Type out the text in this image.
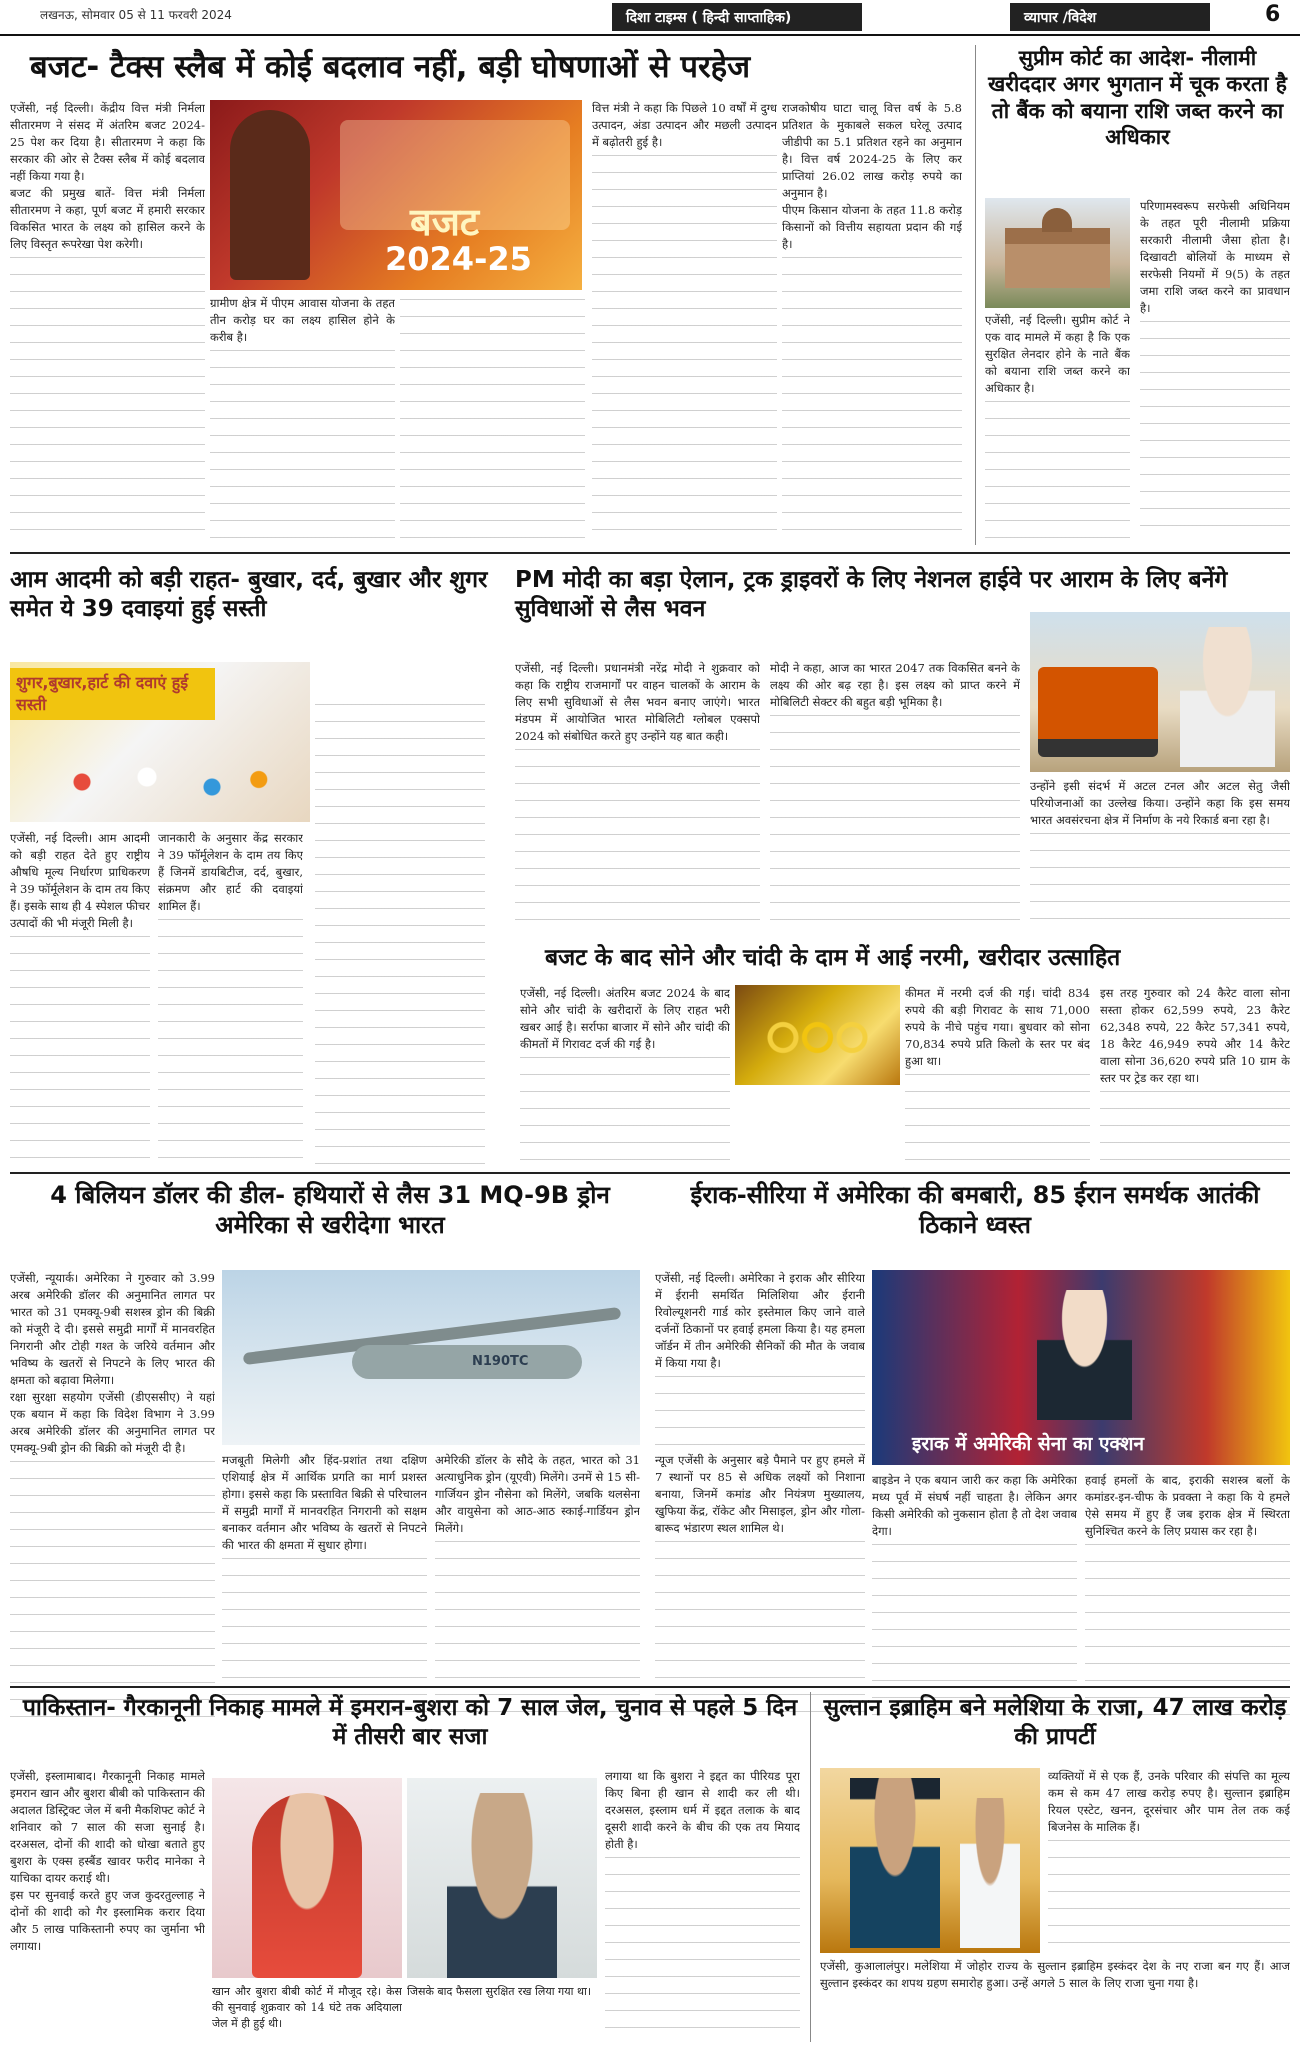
लखनऊ, सोमवार 05 से 11 फरवरी 2024	दिशा टाइम्स ( हिन्दी साप्ताहिक)	व्यापार /विदेश	6
बजट- टैक्स स्लैब में कोई बदलाव नहीं, बड़ी घोषणाओं से परहेज
एजेंसी, नई दिल्ली। केंद्रीय वित्त मंत्री निर्मला सीतारमण ने संसद में अंतरिम बजट 2024-25 पेश कर दिया है। सीतारमण ने कहा कि सरकार की ओर से टैक्स स्लैब में कोई बदलाव नहीं किया गया है।
बजट की प्रमुख बातें- वित्त मंत्री निर्मला सीतारमण ने कहा, पूर्ण बजट में हमारी सरकार विकसित भारत के लक्ष्य को हासिल करने के लिए विस्तृत रूपरेखा पेश करेगी।	बजट
2024-25
ग्रामीण क्षेत्र में पीएम आवास योजना के तहत तीन करोड़ घर का लक्ष्य हासिल होने के करीब है।
वित्त मंत्री ने कहा कि पिछले 10 वर्षों में दुग्ध उत्पादन, अंडा उत्पादन और मछली उत्पादन में बढ़ोतरी हुई है।
राजकोषीय घाटा चालू वित्त वर्ष के 5.8 प्रतिशत के मुकाबले सकल घरेलू उत्पाद जीडीपी का 5.1 प्रतिशत रहने का अनुमान है। वित्त वर्ष 2024-25 के लिए कर प्राप्तियां 26.02 लाख करोड़ रुपये का अनुमान है।
पीएम किसान योजना के तहत 11.8 करोड़ किसानों को वित्तीय सहायता प्रदान की गई है।
सुप्रीम कोर्ट का आदेश- नीलामी खरीददार अगर भुगतान में चूक करता है तो बैंक को बयाना राशि जब्त करने का अधिकार
एजेंसी, नई दिल्ली। सुप्रीम कोर्ट ने एक वाद मामले में कहा है कि एक सुरक्षित लेनदार होने के नाते बैंक को बयाना राशि जब्त करने का अधिकार है।
परिणामस्वरूप सरफेसी अधिनियम के तहत पूरी नीलामी प्रक्रिया सरकारी नीलामी जैसा होता है। दिखावटी बोलियों के माध्यम से सरफेसी नियमों में 9(5) के तहत जमा राशि जब्त करने का प्रावधान है।
आम आदमी को बड़ी राहत- बुखार, दर्द, बुखार और शुगर समेत ये 39 दवाइयां हुई सस्ती
शुगर,बुखार,हार्ट की दवाएं हुई सस्ती
एजेंसी, नई दिल्ली। आम आदमी को बड़ी राहत देते हुए राष्ट्रीय औषधि मूल्य निर्धारण प्राधिकरण ने 39 फॉर्मूलेशन के दाम तय किए हैं। इसके साथ ही 4 स्पेशल फीचर उत्पादों की भी मंजूरी मिली है।
जानकारी के अनुसार केंद्र सरकार ने 39 फॉर्मूलेशन के दाम तय किए हैं जिनमें डायबिटीज, दर्द, बुखार, संक्रमण और हार्ट की दवाइयां शामिल हैं।
PM मोदी का बड़ा ऐलान, ट्रक ड्राइवरों के लिए नेशनल हाईवे पर आराम के लिए बनेंगे सुविधाओं से लैस भवन
एजेंसी, नई दिल्ली। प्रधानमंत्री नरेंद्र मोदी ने शुक्रवार को कहा कि राष्ट्रीय राजमार्गों पर वाहन चालकों के आराम के लिए सभी सुविधाओं से लैस भवन बनाए जाएंगे। भारत मंडपम में आयोजित भारत मोबिलिटी ग्लोबल एक्सपो 2024 को संबोधित करते हुए उन्होंने यह बात कही।
मोदी ने कहा, आज का भारत 2047 तक विकसित बनने के लक्ष्य की ओर बढ़ रहा है। इस लक्ष्य को प्राप्त करने में मोबिलिटी सेक्टर की बहुत बड़ी भूमिका है।
उन्होंने इसी संदर्भ में अटल टनल और अटल सेतु जैसी परियोजनाओं का उल्लेख किया। उन्होंने कहा कि इस समय भारत अवसंरचना क्षेत्र में निर्माण के नये रिकार्ड बना रहा है।
बजट के बाद सोने और चांदी के दाम में आई नरमी, खरीदार उत्साहित
एजेंसी, नई दिल्ली। अंतरिम बजट 2024 के बाद सोने और चांदी के खरीदारों के लिए राहत भरी खबर आई है। सर्राफा बाजार में सोने और चांदी की कीमतों में गिरावट दर्ज की गई है।
कीमत में नरमी दर्ज की गई। चांदी 834 रुपये की बड़ी गिरावट के साथ 71,000 रुपये के नीचे पहुंच गया। बुधवार को सोना 70,834 रुपये प्रति किलो के स्तर पर बंद हुआ था।
इस तरह गुरुवार को 24 कैरेट वाला सोना सस्ता होकर 62,599 रुपये, 23 कैरेट 62,348 रुपये, 22 कैरेट 57,341 रुपये, 18 कैरेट 46,949 रुपये और 14 कैरेट वाला सोना 36,620 रुपये प्रति 10 ग्राम के स्तर पर ट्रेड कर रहा था।
4 बिलियन डॉलर की डील- हथियारों से लैस 31 MQ-9B ड्रोन अमेरिका से खरीदेगा भारत
एजेंसी, न्यूयार्क। अमेरिका ने गुरुवार को 3.99 अरब अमेरिकी डॉलर की अनुमानित लागत पर भारत को 31 एमक्यू-9बी सशस्त्र ड्रोन की बिक्री को मंजूरी दे दी। इससे समुद्री मार्गों में मानवरहित निगरानी और टोही गश्त के जरिये वर्तमान और भविष्य के खतरों से निपटने के लिए भारत की क्षमता को बढ़ावा मिलेगा।
रक्षा सुरक्षा सहयोग एजेंसी (डीएससीए) ने यहां एक बयान में कहा कि विदेश विभाग ने 3.99 अरब अमेरिकी डॉलर की अनुमानित लागत पर एमक्यू-9बी ड्रोन की बिक्री को मंजूरी दी है।
N190TC
मजबूती मिलेगी और हिंद-प्रशांत तथा दक्षिण एशियाई क्षेत्र में आर्थिक प्रगति का मार्ग प्रशस्त होगा। इससे कहा कि प्रस्तावित बिक्री से परिचालन में समुद्री मार्गों में मानवरहित निगरानी को सक्षम बनाकर वर्तमान और भविष्य के खतरों से निपटने की भारत की क्षमता में सुधार होगा।
अमेरिकी डॉलर के सौदे के तहत, भारत को 31 अत्याधुनिक ड्रोन (यूएवी) मिलेंगे। उनमें से 15 सी-गार्जियन ड्रोन नौसेना को मिलेंगे, जबकि थलसेना और वायुसेना को आठ-आठ स्काई-गार्डियन ड्रोन मिलेंगे।
ईराक-सीरिया में अमेरिका की बमबारी, 85 ईरान समर्थक आतंकी ठिकाने ध्वस्त
एजेंसी, नई दिल्ली। अमेरिका ने इराक और सीरिया में ईरानी समर्थित मिलिशिया और ईरानी रिवोल्यूशनरी गार्ड कोर इस्तेमाल किए जाने वाले दर्जनों ठिकानों पर हवाई हमला किया है। यह हमला जॉर्डन में तीन अमेरिकी सैनिकों की मौत के जवाब में किया गया है।
इराक में अमेरिकी सेना का एक्शन
न्यूज एजेंसी के अनुसार बड़े पैमाने पर हुए हमले में 7 स्थानों पर 85 से अधिक लक्ष्यों को निशाना बनाया, जिनमें कमांड और नियंत्रण मुख्यालय, खुफिया केंद्र, रॉकेट और मिसाइल, ड्रोन और गोला-बारूद भंडारण स्थल शामिल थे।
बाइडेन ने एक बयान जारी कर कहा कि अमेरिका मध्य पूर्व में संघर्ष नहीं चाहता है। लेकिन अगर किसी अमेरिकी को नुकसान होता है तो देश जवाब देगा।
हवाई हमलों के बाद, इराकी सशस्त्र बलों के कमांडर-इन-चीफ के प्रवक्ता ने कहा कि ये हमले ऐसे समय में हुए हैं जब इराक क्षेत्र में स्थिरता सुनिश्चित करने के लिए प्रयास कर रहा है।
पाकिस्तान- गैरकानूनी निकाह मामले में इमरान-बुशरा को 7 साल जेल, चुनाव से पहले 5 दिन में तीसरी बार सजा
एजेंसी, इस्लामाबाद। गैरकानूनी निकाह मामले इमरान खान और बुशरा बीबी को पाकिस्तान की अदालत डिस्ट्रिक्ट जेल में बनी मैकशिफ्ट कोर्ट ने शनिवार को 7 साल की सजा सुनाई है। दरअसल, दोनों की शादी को धोखा बताते हुए बुशरा के एक्स हस्बैंड खावर फरीद मानेका ने याचिका दायर कराई थी।
इस पर सुनवाई करते हुए जज कुदरतुल्लाह ने दोनों की शादी को गैर इस्लामिक करार दिया और 5 लाख पाकिस्तानी रुपए का जुर्माना भी लगाया।
खान और बुशरा बीबी कोर्ट में मौजूद रहे। केस की सुनवाई शुक्रवार को 14 घंटे तक अदियाला जेल में ही हुई थी।
जिसके बाद फैसला सुरक्षित रख लिया गया था।
लगाया था कि बुशरा ने इद्दत का पीरियड पूरा किए बिना ही खान से शादी कर ली थी। दरअसल, इस्लाम धर्म में इद्दत तलाक के बाद दूसरी शादी करने के बीच की एक तय मियाद होती है।
सुल्तान इब्राहिम बने मलेशिया के राजा, 47 लाख करोड़ की प्रापर्टी
व्यक्तियों में से एक हैं, उनके परिवार की संपत्ति का मूल्य कम से कम 47 लाख करोड़ रुपए है। सुल्तान इब्राहिम रियल एस्टेट, खनन, दूरसंचार और पाम तेल तक कई बिजनेस के मालिक हैं।
एजेंसी, कुआलालंपुर। मलेशिया में जोहोर राज्य के सुल्तान इब्राहिम इस्कंदर देश के नए राजा बन गए हैं। आज सुल्तान इस्कंदर का शपथ ग्रहण समारोह हुआ। उन्हें अगले 5 साल के लिए राजा चुना गया है।
